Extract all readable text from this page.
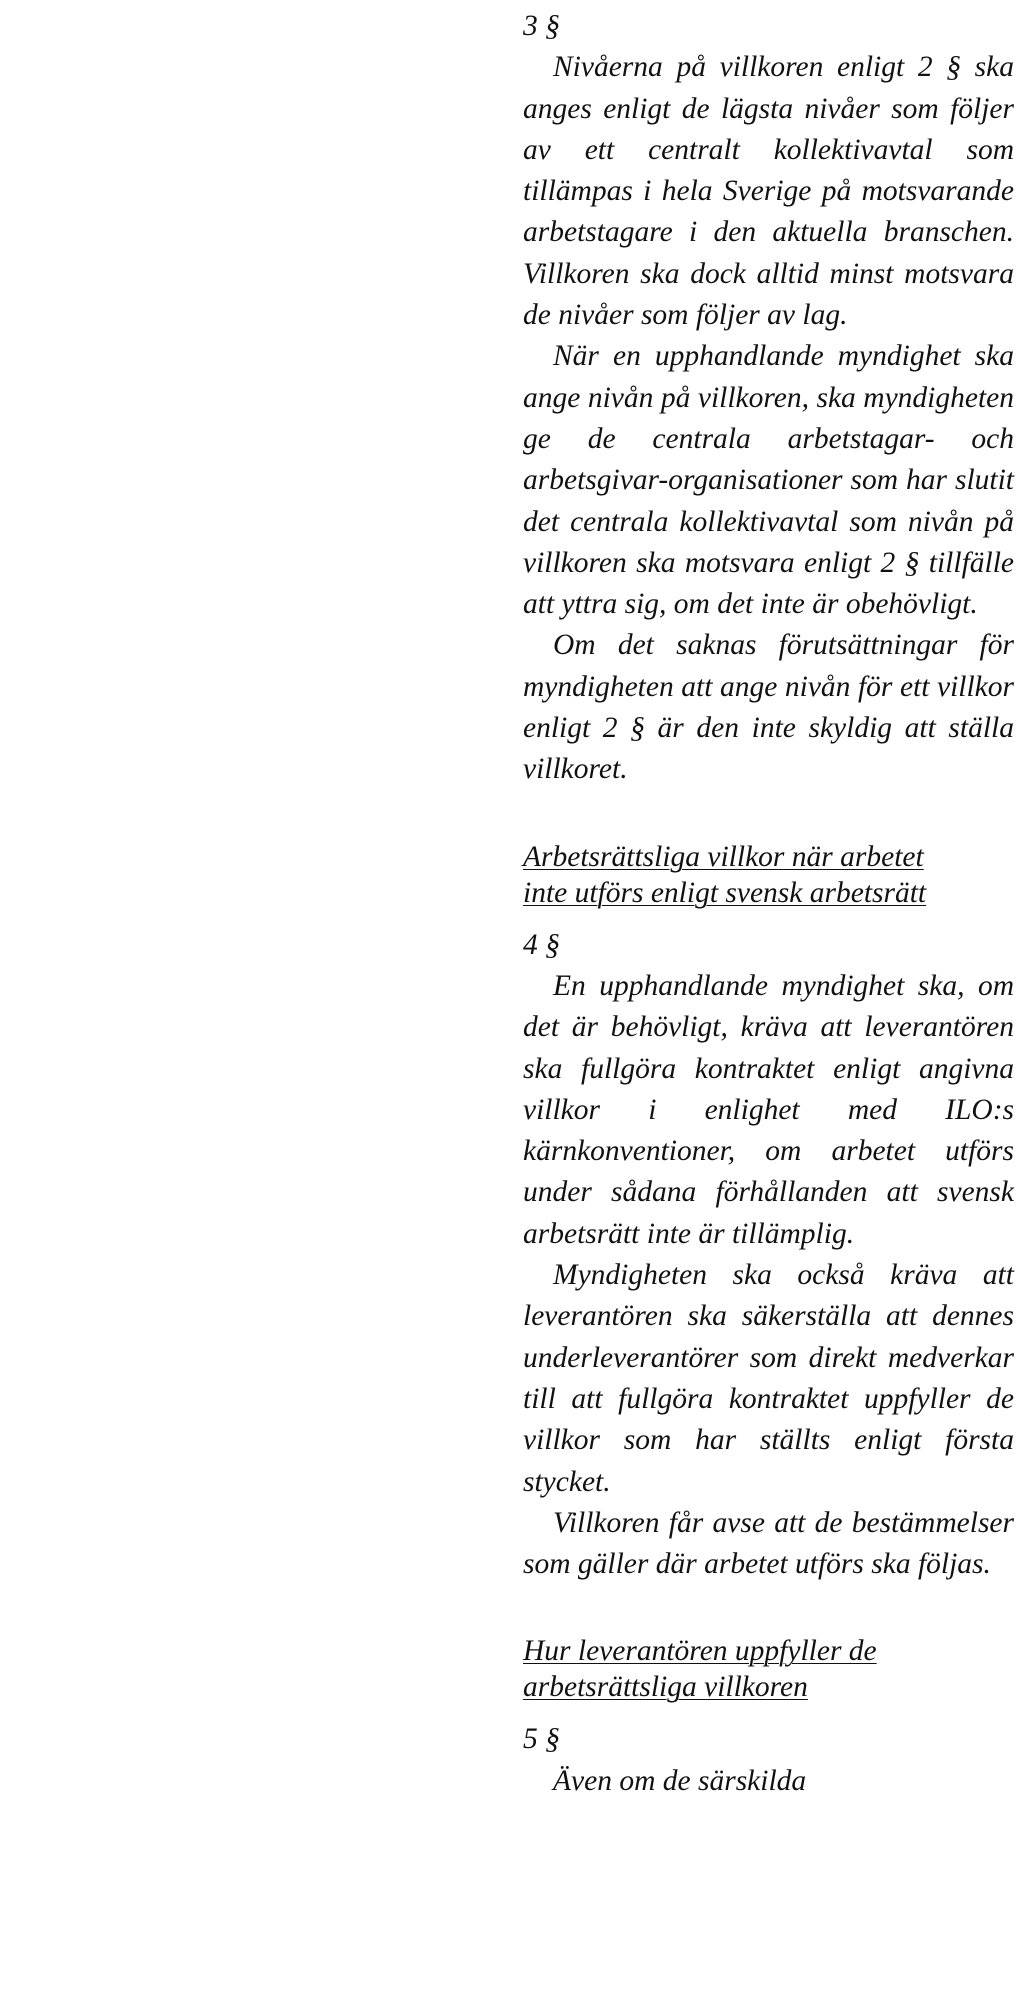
3 §

Nivåerna på villkoren enligt 2 § ska anges enligt de lägsta nivåer som följer av ett centralt kollektivavtal som tillämpas i hela Sverige på motsvarande arbetstagare i den aktuella branschen. Villkoren ska dock alltid minst motsvara de nivåer som följer av lag.

När en upphandlande myndighet ska ange nivån på villkoren, ska myndigheten ge de centrala arbetstagar- och arbetsgivar-organisationer som har slutit det centrala kollektivavtal som nivån på villkoren ska motsvara enligt 2 § tillfälle att yttra sig, om det inte är obehövligt.

Om det saknas förutsättningar för myndigheten att ange nivån för ett villkor enligt 2 § är den inte skyldig att ställa villkoret.

Arbetsrättsliga villkor när arbetet
inte utförs enligt svensk arbetsrätt

4 §

En upphandlande myndighet ska, om det är behövligt, kräva att leverantören ska fullgöra kontraktet enligt angivna villkor i enlighet med ILO:s kärnkonventioner, om arbetet utförs under sådana förhållanden att svensk arbetsrätt inte är tillämplig.

Myndigheten ska också kräva att leverantören ska säkerställa att dennes underleverantörer som direkt medverkar till att fullgöra kontraktet uppfyller de villkor som har ställts enligt första stycket.

Villkoren får avse att de bestämmelser som gäller där arbetet utförs ska följas.

Hur leverantören uppfyller de
arbetsrättsliga villkoren

5 §

Även om de särskilda
